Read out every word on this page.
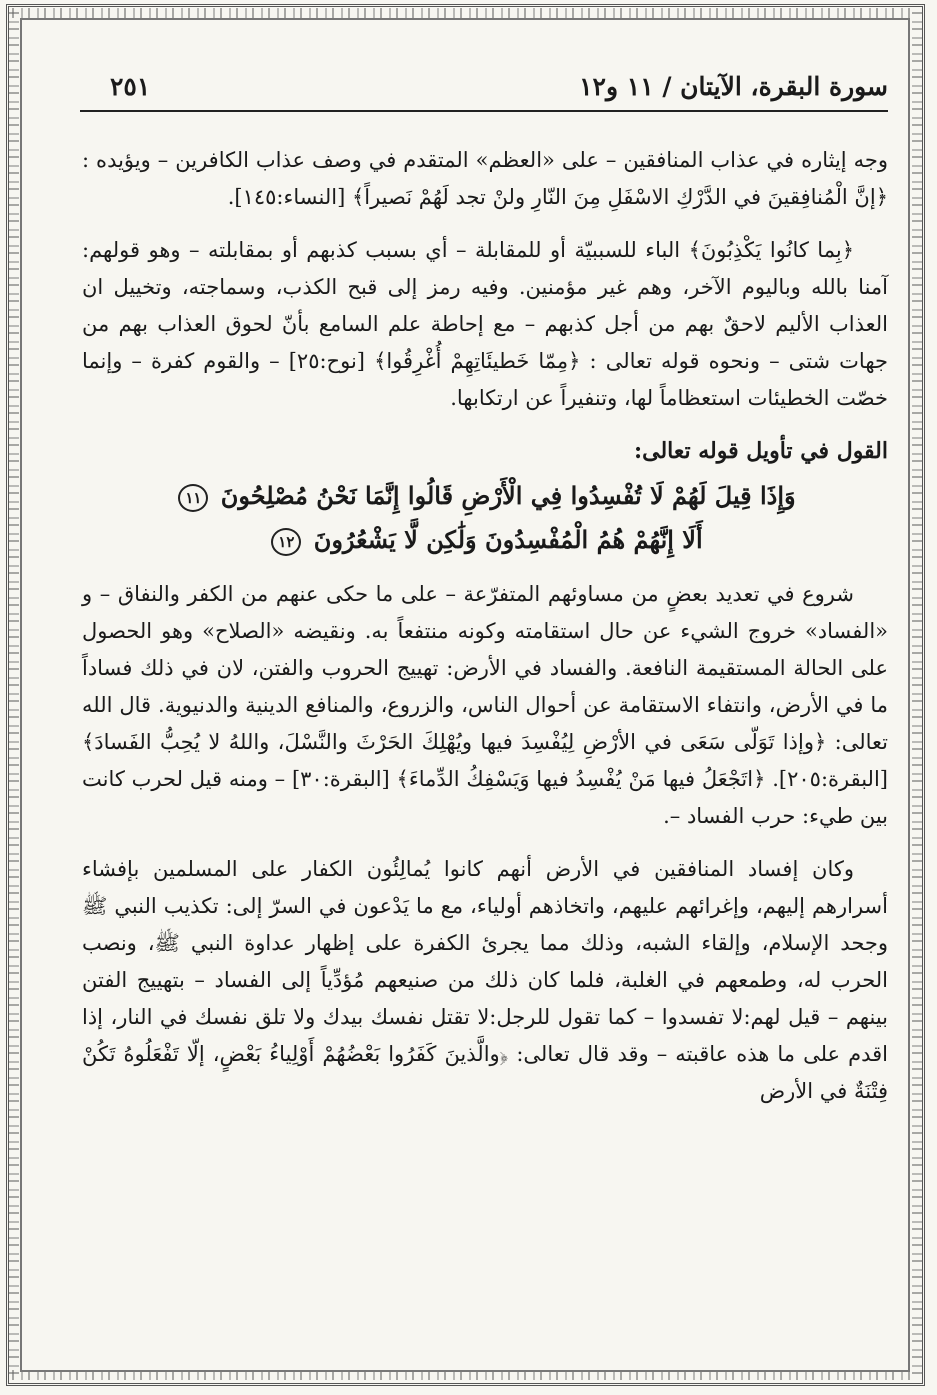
سورة البقرة، الآيتان / ١١ و١٢
٢٥١

وجه إيثاره في عذاب المنافقين – على «العظم» المتقدم في وصف عذاب الكافرين – ويؤيده :﴿إنَّ الْمُنافِقينَ في الدَّرْكِ الاسْفَلِ مِنَ النّارِ ولنْ تجد لَهُمْ نَصيراً﴾ [النساء:١٤٥].

﴿بِما كانُوا يَكْذِبُونَ﴾ الباء للسببيّة أو للمقابلة – أي بسبب كذبهم أو بمقابلته – وهو قولهم: آمنا بالله وباليوم الآخر، وهم غير مؤمنين. وفيه رمز إلى قبح الكذب، وسماجته، وتخييل ان العذاب الأليم لاحقٌ بهم من أجل كذبهم – مع إحاطة علم السامع بأنّ لحوق العذاب بهم من جهات شتى – ونحوه قوله تعالى : ﴿مِمّا خَطيئَاتِهِمْ أُغْرِقُوا﴾ [نوح:٢٥] – والقوم كفرة – وإنما خصّت الخطيئات استعظاماً لها، وتنفيراً عن ارتكابها.

القول في تأويل قوله تعالى:

وَإِذَا قِيلَ لَهُمْ لَا تُفْسِدُوا فِي الْأَرْضِ قَالُوا إِنَّمَا نَحْنُ مُصْلِحُونَ ١١
أَلَا إِنَّهُمْ هُمُ الْمُفْسِدُونَ وَلَٰكِن لَّا يَشْعُرُونَ ١٢

شروع في تعديد بعضٍ من مساوئهم المتفرّعة – على ما حكى عنهم من الكفر والنفاق – و «الفساد» خروج الشيء عن حال استقامته وكونه منتفعاً به. ونقيضه «الصلاح» وهو الحصول على الحالة المستقيمة النافعة. والفساد في الأرض: تهييج الحروب والفتن، لان في ذلك فساداً ما في الأرض، وانتفاء الاستقامة عن أحوال الناس، والزروع، والمنافع الدينية والدنيوية. قال الله تعالى: ﴿وإذا تَوَلّى سَعَى في الأرْضِ لِيُفْسِدَ فيها ويُهْلِكَ الحَرْثَ والنَّسْلَ، واللهُ لا يُحِبُّ الفَسادَ﴾ [البقرة:٢٠٥]. ﴿اتَجْعَلُ فيها مَنْ يُفْسِدُ فيها وَيَسْفِكُ الدِّماءَ﴾ [البقرة:٣٠] – ومنه قيل لحرب كانت بين طيء: حرب الفساد –.

وكان إفساد المنافقين في الأرض أنهم كانوا يُمالِئُون الكفار على المسلمين بإفشاء أسرارهم إليهم، وإغرائهم عليهم، واتخاذهم أولياء، مع ما يَدْعون في السرّ إلى: تكذيب النبي ﷺ وجحد الإسلام، وإلقاء الشبه، وذلك مما يجرئ الكفرة على إظهار عداوة النبي ﷺ، ونصب الحرب له، وطمعهم في الغلبة، فلما كان ذلك من صنيعهم مُؤدِّياً إلى الفساد – بتهييج الفتن بينهم – قيل لهم:لا تفسدوا – كما تقول للرجل:لا تقتل نفسك بيدك ولا تلق نفسك في النار، إذا اقدم على ما هذه عاقبته – وقد قال تعالى: ﴿والَّذينَ كَفَرُوا بَعْضُهُمْ أَوْلِياءُ بَعْضٍ، إلّا تَفْعَلُوهُ تَكُنْ فِتْنَةٌ في الأرض
